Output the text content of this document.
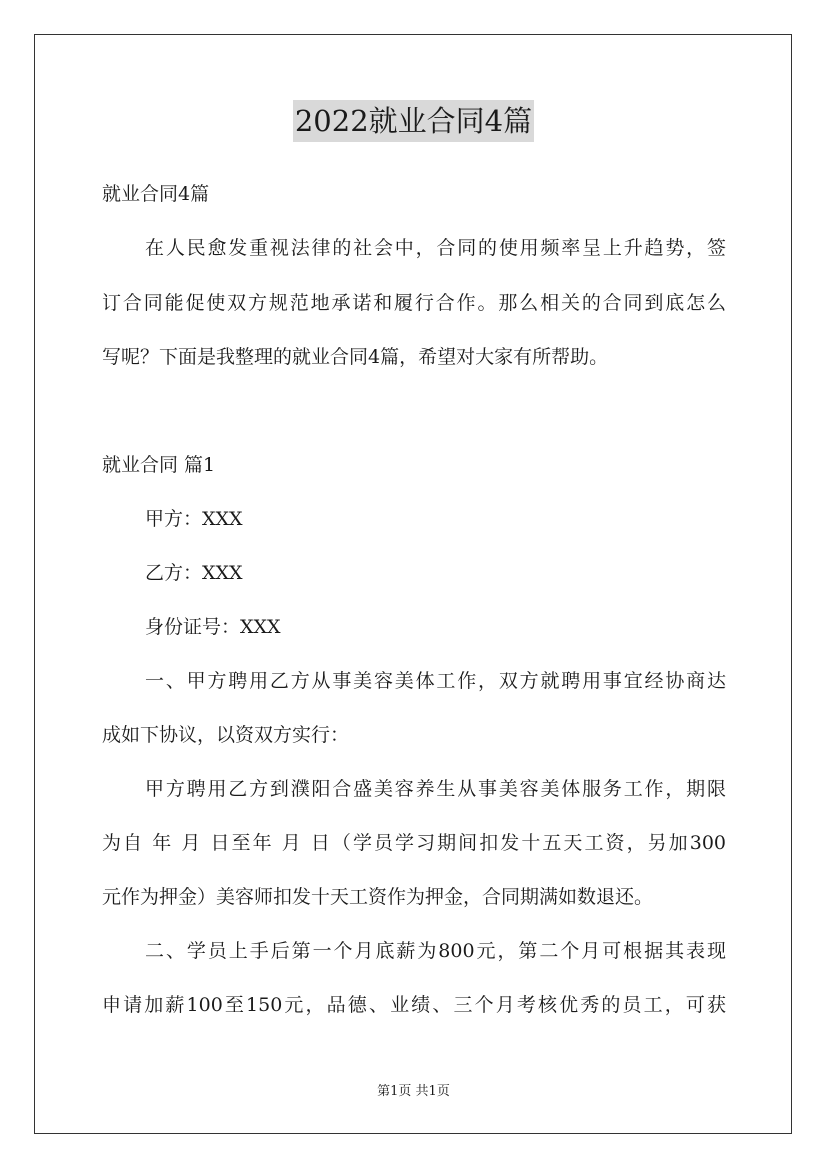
2022就业合同4篇
就业合同4篇
在人民愈发重视法律的社会中，合同的使用频率呈上升趋势，签
订合同能促使双方规范地承诺和履行合作。那么相关的合同到底怎么
写呢？下面是我整理的就业合同4篇，希望对大家有所帮助。
就业合同 篇1
甲方：XXX
乙方：XXX
身份证号：XXX
一、甲方聘用乙方从事美容美体工作，双方就聘用事宜经协商达
成如下协议，以资双方实行：
甲方聘用乙方到濮阳合盛美容养生从事美容美体服务工作，期限
为自 年 月 日至年 月 日（学员学习期间扣发十五天工资，另加300
元作为押金）美容师扣发十天工资作为押金，合同期满如数退还。
二、学员上手后第一个月底薪为800元，第二个月可根据其表现
申请加薪100至150元，品德、业绩、三个月考核优秀的员工，可获
第1页 共1页
